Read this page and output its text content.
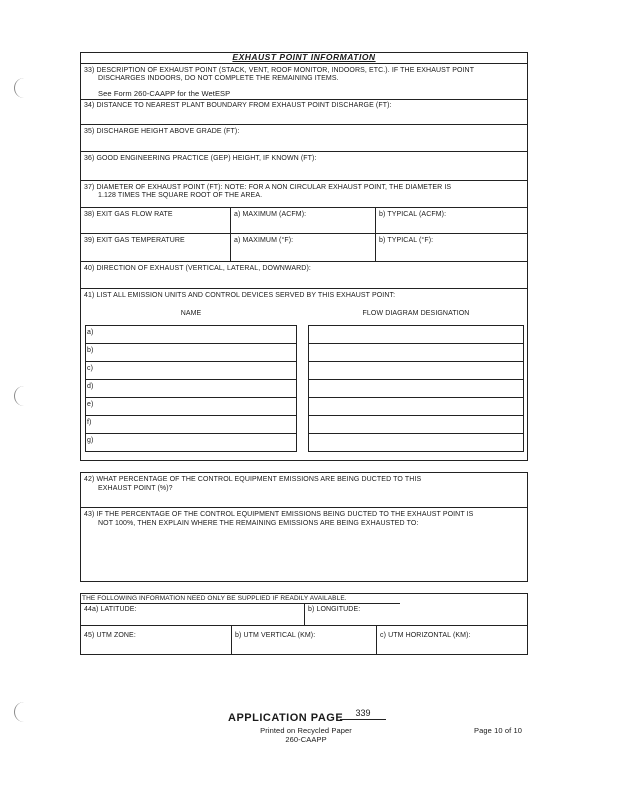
EXHAUST POINT INFORMATION
33) DESCRIPTION OF EXHAUST POINT (STACK, VENT, ROOF MONITOR, INDOORS, ETC.). IF THE EXHAUST POINT
DISCHARGES INDOORS, DO NOT COMPLETE THE REMAINING ITEMS.
See Form 260-CAAPP for the WetESP
34) DISTANCE TO NEAREST PLANT BOUNDARY FROM EXHAUST POINT DISCHARGE (FT):
35) DISCHARGE HEIGHT ABOVE GRADE (FT):
36) GOOD ENGINEERING PRACTICE (GEP) HEIGHT, IF KNOWN (FT):
37) DIAMETER OF EXHAUST POINT (FT): NOTE: FOR A NON CIRCULAR EXHAUST POINT, THE DIAMETER IS
1.128 TIMES THE SQUARE ROOT OF THE AREA.
38) EXIT GAS FLOW RATE	a) MAXIMUM (ACFM):	b) TYPICAL (ACFM):
39) EXIT GAS TEMPERATURE	a) MAXIMUM (°F):	b) TYPICAL (°F):
40) DIRECTION OF EXHAUST (VERTICAL, LATERAL, DOWNWARD):
41) LIST ALL EMISSION UNITS AND CONTROL DEVICES SERVED BY THIS EXHAUST POINT:
NAME	FLOW DIAGRAM DESIGNATION
a)
b)
c)
d)
e)
f)
g)
42) WHAT PERCENTAGE OF THE CONTROL EQUIPMENT EMISSIONS ARE BEING DUCTED TO THIS
EXHAUST POINT (%)?
43) IF THE PERCENTAGE OF THE CONTROL EQUIPMENT EMISSIONS BEING DUCTED TO THE EXHAUST POINT IS
NOT 100%, THEN EXPLAIN WHERE THE REMAINING EMISSIONS ARE BEING EXHAUSTED TO:
THE FOLLOWING INFORMATION NEED ONLY BE SUPPLIED IF READILY AVAILABLE.
44a) LATITUDE:	b) LONGITUDE:
45) UTM ZONE:	b) UTM VERTICAL (KM):	c) UTM HORIZONTAL (KM):
APPLICATION PAGE	339
Printed on Recycled Paper
260-CAAPP
Page 10 of 10
